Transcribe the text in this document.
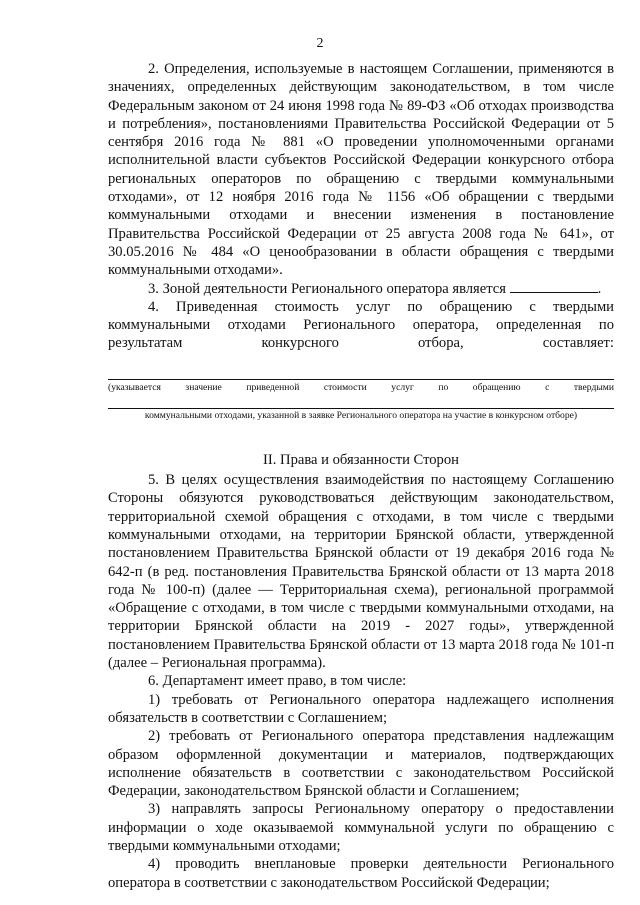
2

2. Определения, используемые в настоящем Соглашении, применяются в значениях, определенных действующим законодательством, в том числе Федеральным законом от 24 июня 1998 года № 89-ФЗ «Об отходах производства и потребления», постановлениями Правительства Российской Федерации от 5 сентября 2016 года № 881 «О проведении уполномоченными органами исполнительной власти субъектов Российской Федерации конкурсного отбора региональных операторов по обращению с твердыми коммунальными отходами», от 12 ноября 2016 года № 1156 «Об обращении с твердыми коммунальными отходами и внесении изменения в постановление Правительства Российской Федерации от 25 августа 2008 года № 641», от 30.05.2016 № 484 «О ценообразовании в области обращения с твердыми коммунальными отходами».

3. Зоной деятельности Регионального оператора является	.

4. Приведенная стоимость услуг по обращению с твердыми коммунальными отходами Регионального оператора, определенная по результатам конкурсного отбора, составляет:

(указывается значение приведенной стоимости услуг по обращению с твердыми

коммунальными отходами, указанной в заявке Регионального оператора на участие в конкурсном отборе)

II. Права и обязанности Сторон

5. В целях осуществления взаимодействия по настоящему Соглашению Стороны обязуются руководствоваться действующим законодательством, территориальной схемой обращения с отходами, в том числе с твердыми коммунальными отходами, на территории Брянской области, утвержденной постановлением Правительства Брянской области от 19 декабря 2016 года № 642-п (в ред. постановления Правительства Брянской области от 13 марта 2018 года № 100-п) (далее — Территориальная схема), региональной программой «Обращение с отходами, в том числе с твердыми коммунальными отходами, на территории Брянской области на 2019 - 2027 годы», утвержденной постановлением Правительства Брянской области от 13 марта 2018 года № 101-п (далее – Региональная программа).

6. Департамент имеет право, в том числе:

1) требовать от Регионального оператора надлежащего исполнения обязательств в соответствии с Соглашением;

2) требовать от Регионального оператора представления надлежащим образом оформленной документации и материалов, подтверждающих исполнение обязательств в соответствии с законодательством Российской Федерации, законодательством Брянской области и Соглашением;

3) направлять запросы Региональному оператору о предоставлении информации о ходе оказываемой коммунальной услуги по обращению с твердыми коммунальными отходами;

4) проводить внеплановые проверки деятельности Регионального оператора в соответствии с законодательством Российской Федерации;
